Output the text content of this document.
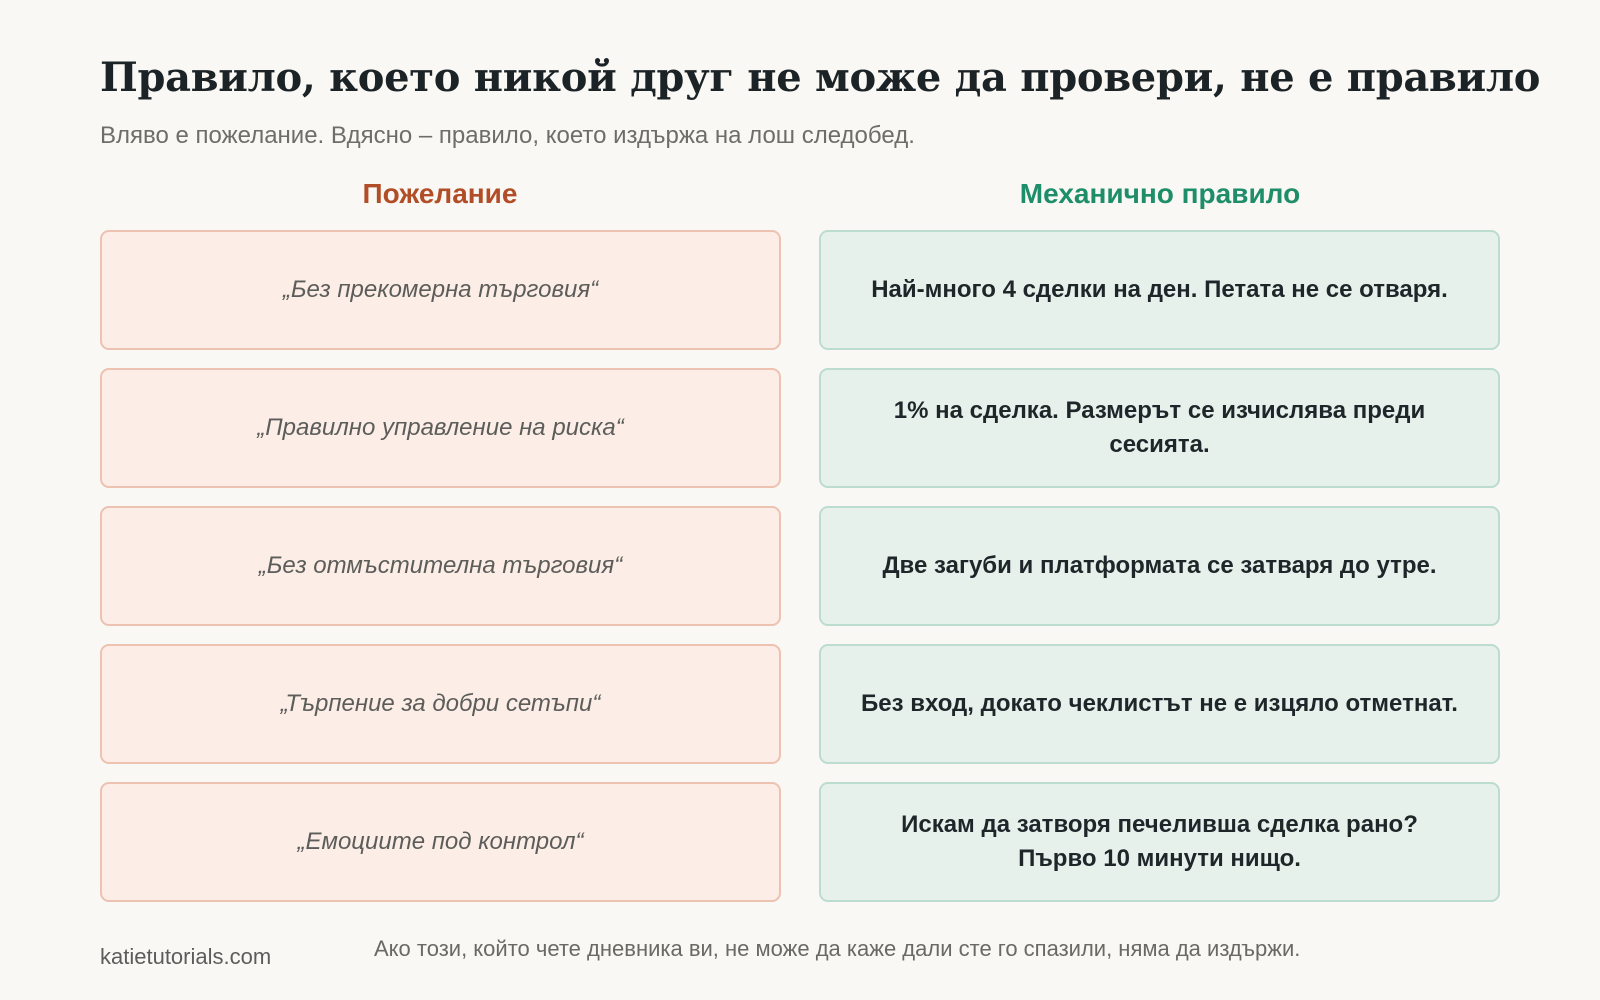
Правило, което никой друг не може да провери, не е правило
Вляво е пожелание. Вдясно – правило, което издържа на лош следобед.
Пожелание	Механично правило
„Без прекомерна търговия“
„Правилно управление на риска“
„Без отмъстителна търговия“
„Търпение за добри сетъпи“
„Емоциите под контрол“
Най-много 4 сделки на ден. Петата не се отваря.
1% на сделка. Размерът се изчислява преди сесията.
Две загуби и платформата се затваря до утре.
Без вход, докато чеклистът не е изцяло отметнат.
Искам да затворя печеливша сделка рано? Първо 10 минути нищо.
katietutorials.com	Ако този, който чете дневника ви, не може да каже дали сте го спазили, няма да издържи.
